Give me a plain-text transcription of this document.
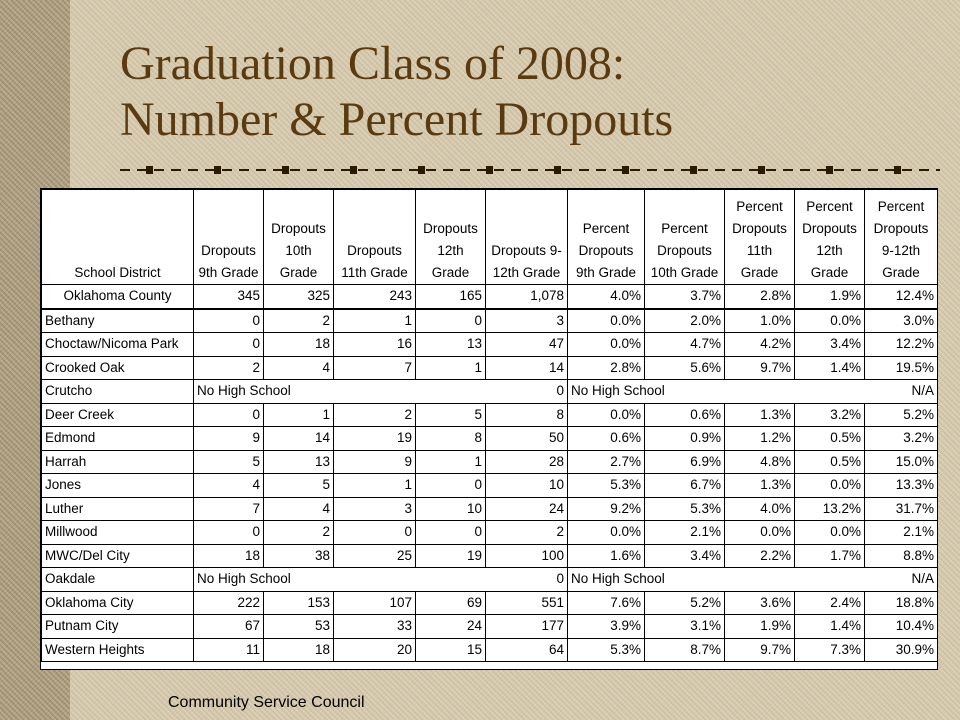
Graduation Class of 2008:
Number & Percent Dropouts
School District	Dropouts 9th Grade	Dropouts 10th Grade	Dropouts 11th Grade	Dropouts 12th Grade	Dropouts 9-12th Grade	Percent Dropouts 9th Grade	Percent Dropouts 10th Grade	Percent Dropouts 11th Grade	Percent Dropouts 12th Grade	Percent Dropouts 9-12th Grade
Oklahoma County	345	325	243	165	1,078	4.0%	3.7%	2.8%	1.9%	12.4%
Bethany	0	2	1	0	3	0.0%	2.0%	1.0%	0.0%	3.0%
Choctaw/Nicoma Park	0	18	16	13	47	0.0%	4.7%	4.2%	3.4%	12.2%
Crooked Oak	2	4	7	1	14	2.8%	5.6%	9.7%	1.4%	19.5%
Crutcho	No High School				0	No High School				N/A
Deer Creek	0	1	2	5	8	0.0%	0.6%	1.3%	3.2%	5.2%
Edmond	9	14	19	8	50	0.6%	0.9%	1.2%	0.5%	3.2%
Harrah	5	13	9	1	28	2.7%	6.9%	4.8%	0.5%	15.0%
Jones	4	5	1	0	10	5.3%	6.7%	1.3%	0.0%	13.3%
Luther	7	4	3	10	24	9.2%	5.3%	4.0%	13.2%	31.7%
Millwood	0	2	0	0	2	0.0%	2.1%	0.0%	0.0%	2.1%
MWC/Del City	18	38	25	19	100	1.6%	3.4%	2.2%	1.7%	8.8%
Oakdale	No High School				0	No High School				N/A
Oklahoma City	222	153	107	69	551	7.6%	5.2%	3.6%	2.4%	18.8%
Putnam City	67	53	33	24	177	3.9%	3.1%	1.9%	1.4%	10.4%
Western Heights	11	18	20	15	64	5.3%	8.7%	9.7%	7.3%	30.9%
Community Service Council
